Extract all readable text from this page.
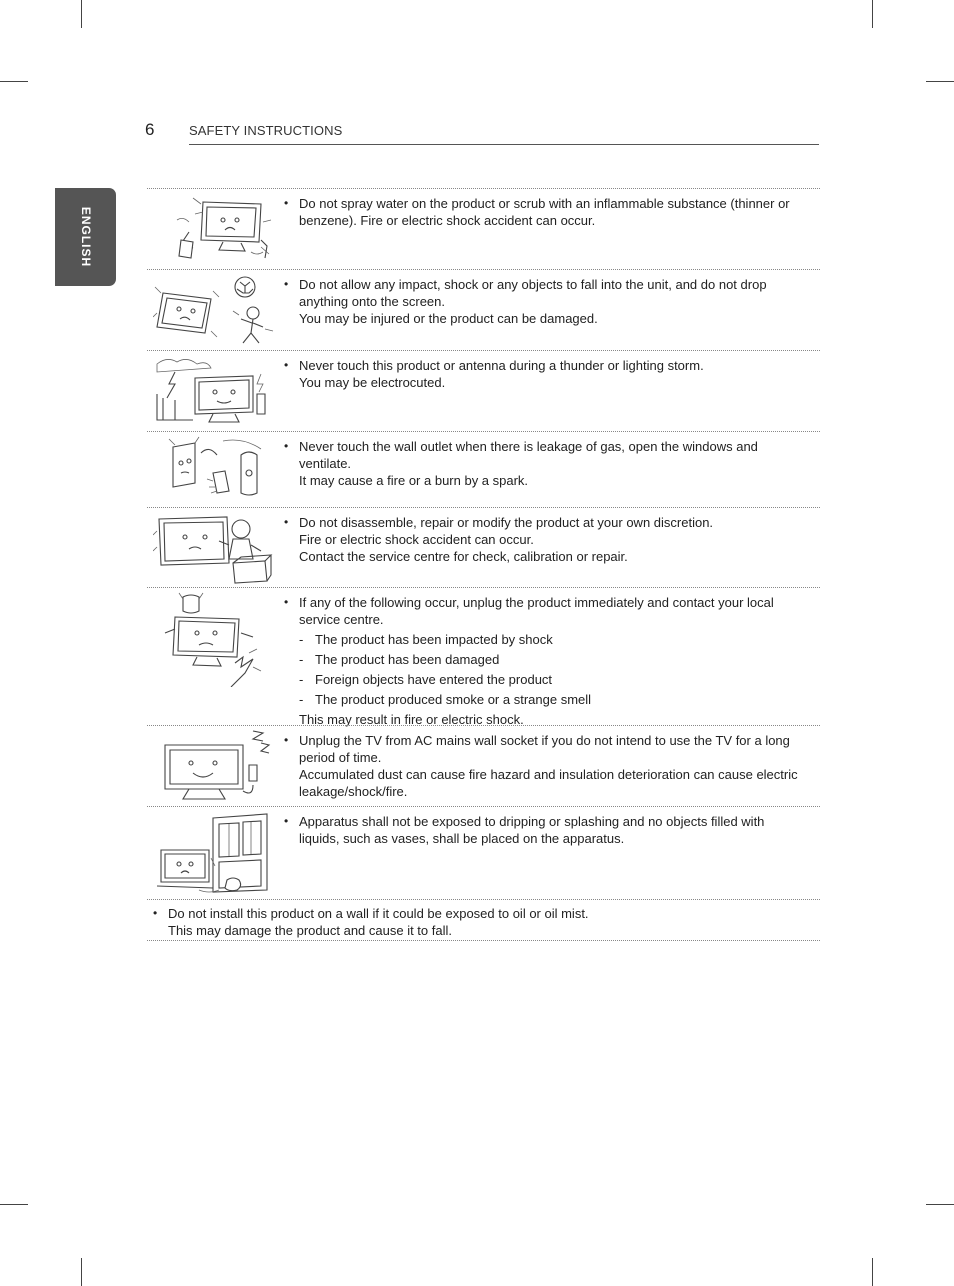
6	SAFETY INSTRUCTIONS
ENGLISH
• Do not spray water on the product or scrub with an inflammable substance (thinner or
benzene). Fire or electric shock accident can occur.
• Do not allow any impact, shock or any objects to fall into the unit, and do not drop
anything onto the screen.
You may be injured or the product can be damaged.
• Never touch this product or antenna during a thunder or lighting storm.
You may be electrocuted.
• Never touch the wall outlet when there is leakage of gas, open the windows and
ventilate.
It may cause a fire or a burn by a spark.
• Do not disassemble, repair or modify the product at your own discretion.
Fire or electric shock accident can occur.
Contact the service centre for check, calibration or repair.
• If any of the following occur, unplug the product immediately and contact your local
service centre.
- The product has been impacted by shock
- The product has been damaged
- Foreign objects have entered the product
- The product produced smoke or a strange smell
This may result in fire or electric shock.
• Unplug the TV from AC mains wall socket if you do not intend to use the TV for a long
period of time.
Accumulated dust can cause fire hazard and insulation deterioration can cause electric
leakage/shock/fire.
• Apparatus shall not be exposed to dripping or splashing and no objects filled with
liquids, such as vases, shall be placed on the apparatus.
• Do not install this product on a wall if it could be exposed to oil or oil mist.
This may damage the product and cause it to fall.
